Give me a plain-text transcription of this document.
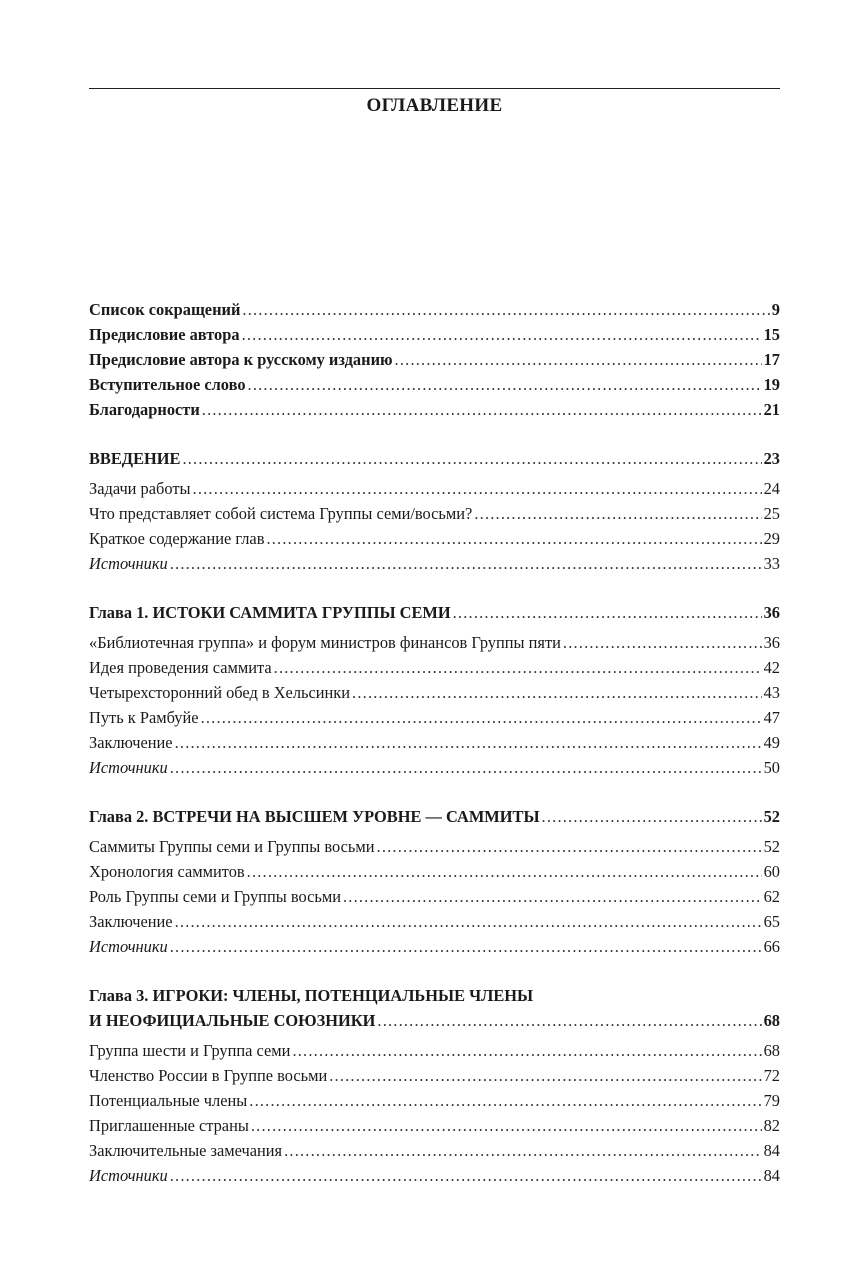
ОГЛАВЛЕНИЕ
Список сокращений .....	9
Предисловие автора .....	15
Предисловие автора к русскому изданию .....	17
Вступительное слово .....	19
Благодарности .....	21
ВВЕДЕНИЕ .....	23
Задачи работы .....	24
Что представляет собой система Группы семи/восьми? .....	25
Краткое содержание глав .....	29
Источники .....	33
Глава 1. ИСТОКИ САММИТА ГРУППЫ СЕМИ .....	36
«Библиотечная группа» и форум министров финансов Группы пяти .....	36
Идея проведения саммита .....	42
Четырехсторонний обед в Хельсинки .....	43
Путь к Рамбуйе .....	47
Заключение .....	49
Источники .....	50
Глава 2. ВСТРЕЧИ НА ВЫСШЕМ УРОВНЕ — САММИТЫ .....	52
Саммиты Группы семи и Группы восьми .....	52
Хронология саммитов .....	60
Роль Группы семи и Группы восьми .....	62
Заключение .....	65
Источники .....	66
Глава 3. ИГРОКИ: ЧЛЕНЫ, ПОТЕНЦИАЛЬНЫЕ ЧЛЕНЫ
И НЕОФИЦИАЛЬНЫЕ СОЮЗНИКИ .....	68
Группа шести и Группа семи .....	68
Членство России в Группе восьми .....	72
Потенциальные члены .....	79
Приглашенные страны .....	82
Заключительные замечания .....	84
Источники .....	84
